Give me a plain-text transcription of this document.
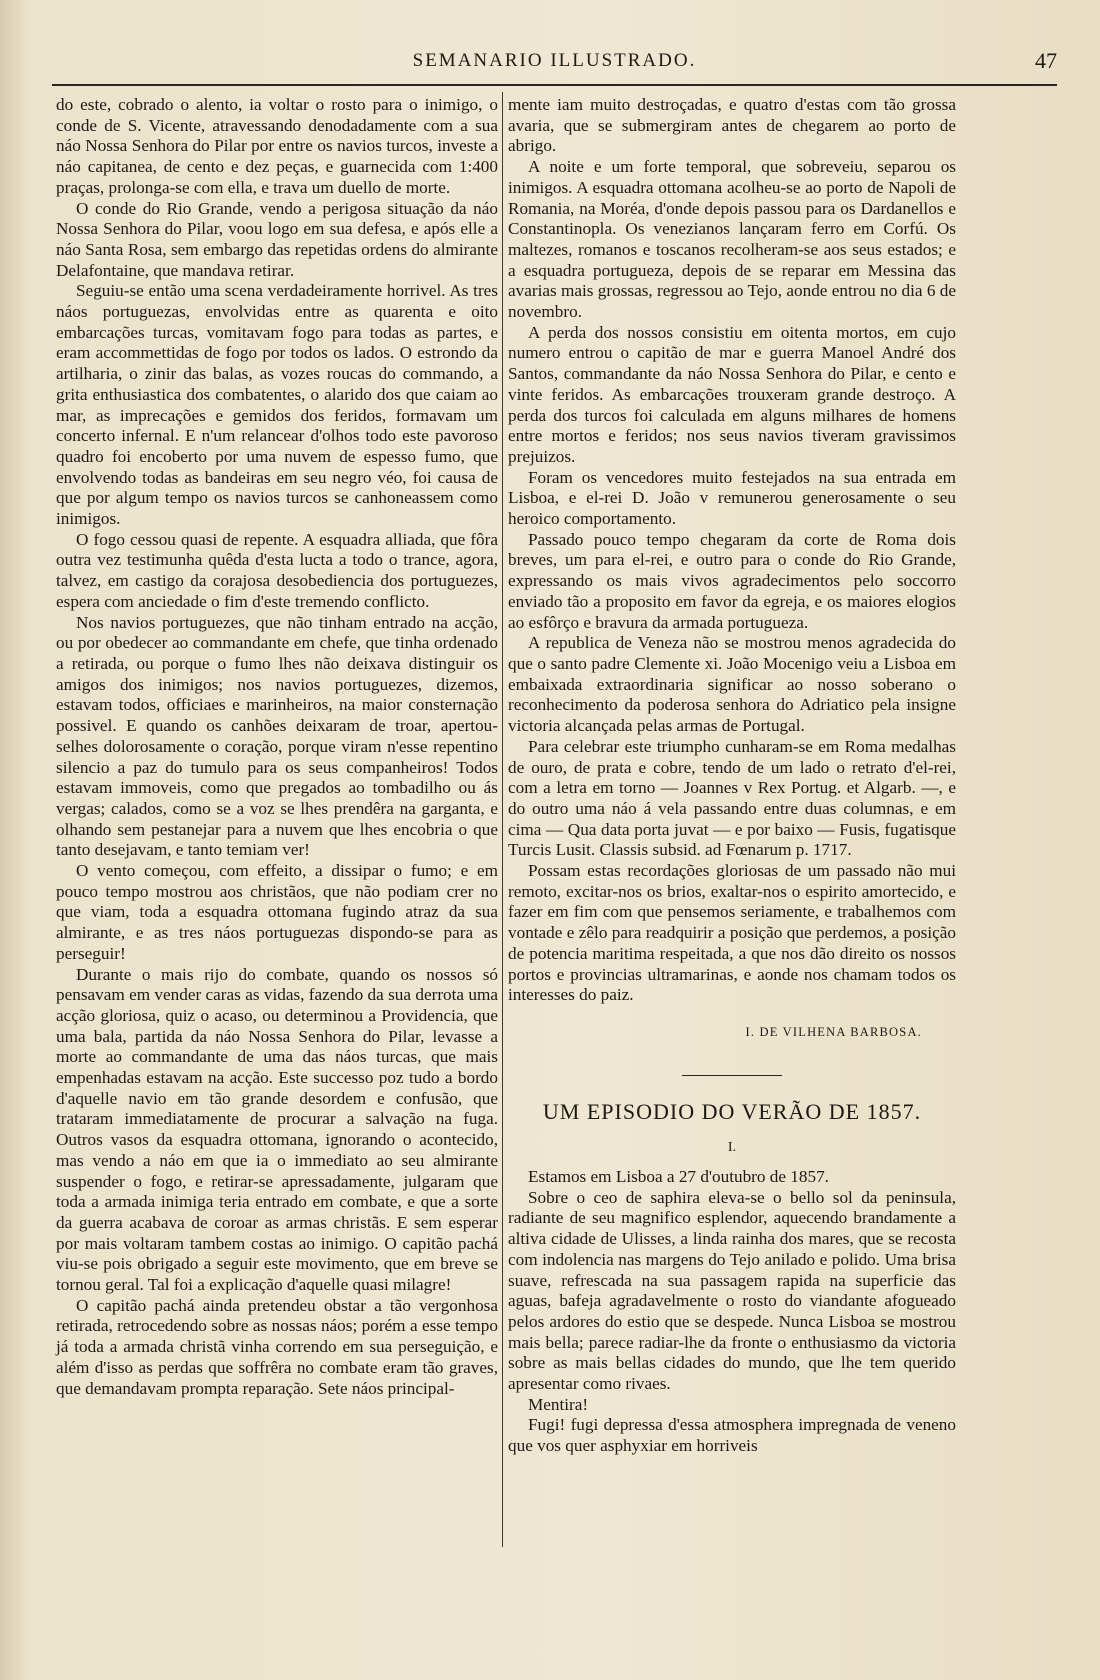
SEMANARIO ILLUSTRADO.	47

do este, cobrado o alento, ia voltar o rosto para o inimigo, o conde de S. Vicente, atravessando denodadamente com a sua náo Nossa Senhora do Pilar por entre os navios turcos, investe a náo capitanea, de cento e dez peças, e guarnecida com 1:400 praças, prolonga-se com ella, e trava um duello de morte.

O conde do Rio Grande, vendo a perigosa situação da náo Nossa Senhora do Pilar, voou logo em sua defesa, e após elle a náo Santa Rosa, sem embargo das repetidas ordens do almirante Delafontaine, que mandava retirar.

Seguiu-se então uma scena verdadeiramente horrivel. As tres náos portuguezas, envolvidas entre as quarenta e oito embarcações turcas, vomitavam fogo para todas as partes, e eram accommettidas de fogo por todos os lados. O estrondo da artilharia, o zinir das balas, as vozes roucas do commando, a grita enthusiastica dos combatentes, o alarido dos que caiam ao mar, as imprecações e gemidos dos feridos, formavam um concerto infernal. E n'um relancear d'olhos todo este pavoroso quadro foi encoberto por uma nuvem de espesso fumo, que envolvendo todas as bandeiras em seu negro véo, foi causa de que por algum tempo os navios turcos se canhoneassem como inimigos.

O fogo cessou quasi de repente. A esquadra alliada, que fôra outra vez testimunha quêda d'esta lucta a todo o trance, agora, talvez, em castigo da corajosa desobediencia dos portuguezes, espera com anciedade o fim d'este tremendo conflicto.

Nos navios portuguezes, que não tinham entrado na acção, ou por obedecer ao commandante em chefe, que tinha ordenado a retirada, ou porque o fumo lhes não deixava distinguir os amigos dos inimigos; nos navios portuguezes, dizemos, estavam todos, officiaes e marinheiros, na maior consternação possivel. E quando os canhões deixaram de troar, apertou-selhes dolorosamente o coração, porque viram n'esse repentino silencio a paz do tumulo para os seus companheiros! Todos estavam immoveis, como que pregados ao tombadilho ou ás vergas; calados, como se a voz se lhes prendêra na garganta, e olhando sem pestanejar para a nuvem que lhes encobria o que tanto desejavam, e tanto temiam ver!

O vento começou, com effeito, a dissipar o fumo; e em pouco tempo mostrou aos christãos, que não podiam crer no que viam, toda a esquadra ottomana fugindo atraz da sua almirante, e as tres náos portuguezas dispondo-se para as perseguir!

Durante o mais rijo do combate, quando os nossos só pensavam em vender caras as vidas, fazendo da sua derrota uma acção gloriosa, quiz o acaso, ou determinou a Providencia, que uma bala, partida da náo Nossa Senhora do Pilar, levasse a morte ao commandante de uma das náos turcas, que mais empenhadas estavam na acção. Este successo poz tudo a bordo d'aquelle navio em tão grande desordem e confusão, que trataram immediatamente de procurar a salvação na fuga. Outros vasos da esquadra ottomana, ignorando o acontecido, mas vendo a náo em que ia o immediato ao seu almirante suspender o fogo, e retirar-se apressadamente, julgaram que toda a armada inimiga teria entrado em combate, e que a sorte da guerra acabava de coroar as armas christãs. E sem esperar por mais voltaram tambem costas ao inimigo. O capitão pachá viu-se pois obrigado a seguir este movimento, que em breve se tornou geral. Tal foi a explicação d'aquelle quasi milagre!

O capitão pachá ainda pretendeu obstar a tão vergonhosa retirada, retrocedendo sobre as nossas náos; porém a esse tempo já toda a armada christã vinha correndo em sua perseguição, e além d'isso as perdas que soffrêra no combate eram tão graves, que demandavam prompta reparação. Sete náos principal-

mente iam muito destroçadas, e quatro d'estas com tão grossa avaria, que se submergiram antes de chegarem ao porto de abrigo.

A noite e um forte temporal, que sobreveiu, separou os inimigos. A esquadra ottomana acolheu-se ao porto de Napoli de Romania, na Moréa, d'onde depois passou para os Dardanellos e Constantinopla. Os venezianos lançaram ferro em Corfú. Os maltezes, romanos e toscanos recolheram-se aos seus estados; e a esquadra portugueza, depois de se reparar em Messina das avarias mais grossas, regressou ao Tejo, aonde entrou no dia 6 de novembro.

A perda dos nossos consistiu em oitenta mortos, em cujo numero entrou o capitão de mar e guerra Manoel André dos Santos, commandante da náo Nossa Senhora do Pilar, e cento e vinte feridos. As embarcações trouxeram grande destroço. A perda dos turcos foi calculada em alguns milhares de homens entre mortos e feridos; nos seus navios tiveram gravissimos prejuizos.

Foram os vencedores muito festejados na sua entrada em Lisboa, e el-rei D. João v remunerou generosamente o seu heroico comportamento.

Passado pouco tempo chegaram da corte de Roma dois breves, um para el-rei, e outro para o conde do Rio Grande, expressando os mais vivos agradecimentos pelo soccorro enviado tão a proposito em favor da egreja, e os maiores elogios ao esfôrço e bravura da armada portugueza.

A republica de Veneza não se mostrou menos agradecida do que o santo padre Clemente xi. João Mocenigo veiu a Lisboa em embaixada extraordinaria significar ao nosso soberano o reconhecimento da poderosa senhora do Adriatico pela insigne victoria alcançada pelas armas de Portugal.

Para celebrar este triumpho cunharam-se em Roma medalhas de ouro, de prata e cobre, tendo de um lado o retrato d'el-rei, com a letra em torno — Joannes v Rex Portug. et Algarb. —, e do outro uma náo á vela passando entre duas columnas, e em cima — Qua data porta juvat — e por baixo — Fusis, fugatisque Turcis Lusit. Classis subsid. ad Fœnarum p. 1717.

Possam estas recordações gloriosas de um passado não mui remoto, excitar-nos os brios, exaltar-nos o espirito amortecido, e fazer em fim com que pensemos seriamente, e trabalhemos com vontade e zêlo para readquirir a posição que perdemos, a posição de potencia maritima respeitada, a que nos dão direito os nossos portos e provincias ultramarinas, e aonde nos chamam todos os interesses do paiz.

I. DE VILHENA BARBOSA.

UM EPISODIO DO VERÃO DE 1857.

I.

Estamos em Lisboa a 27 d'outubro de 1857.

Sobre o ceo de saphira eleva-se o bello sol da peninsula, radiante de seu magnifico esplendor, aquecendo brandamente a altiva cidade de Ulisses, a linda rainha dos mares, que se recosta com indolencia nas margens do Tejo anilado e polido. Uma brisa suave, refrescada na sua passagem rapida na superficie das aguas, bafeja agradavelmente o rosto do viandante afogueado pelos ardores do estio que se despede. Nunca Lisboa se mostrou mais bella; parece radiar-lhe da fronte o enthusiasmo da victoria sobre as mais bellas cidades do mundo, que lhe tem querido apresentar como rivaes.

Mentira!

Fugi! fugi depressa d'essa atmosphera impregnada de veneno que vos quer asphyxiar em horriveis
